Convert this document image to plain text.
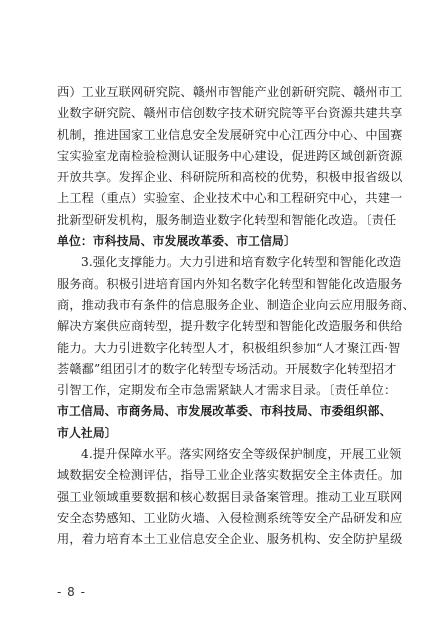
西）工业互联网研究院、赣州市智能产业创新研究院、赣州市工
业数字研究院、赣州市信创数字技术研究院等平台资源共建共享
机制，推进国家工业信息安全发展研究中心江西分中心、中国赛
宝实验室龙南检验检测认证服务中心建设，促进跨区域创新资源
开放共享。发挥企业、科研院所和高校的优势，积极申报省级以
上工程（重点）实验室、企业技术中心和工程研究中心，共建一
批新型研发机构，服务制造业数字化转型和智能化改造。〔责任
单位：市科技局、市发展改革委、市工信局〕
3.强化支撑能力。大力引进和培育数字化转型和智能化改造
服务商。积极引进培育国内外知名数字化转型和智能化改造服务
商，推动我市有条件的信息服务企业、制造企业向云应用服务商、
解决方案供应商转型，提升数字化转型和智能化改造服务和供给
能力。大力引进数字化转型人才，积极组织参加“人才聚江西·智
荟赣鄱”组团引才的数字化转型专场活动。开展数字化转型招才
引智工作，定期发布全市急需紧缺人才需求目录。〔责任单位：
市工信局、市商务局、市发展改革委、市科技局、市委组织部、
市人社局〕
4.提升保障水平。落实网络安全等级保护制度，开展工业领
域数据安全检测评估，指导工业企业落实数据安全主体责任。加
强工业领域重要数据和核心数据目录备案管理。推动工业互联网
安全态势感知、工业防火墙、入侵检测系统等安全产品研发和应
用，着力培育本土工业信息安全企业、服务机构、安全防护星级
- 8 -
